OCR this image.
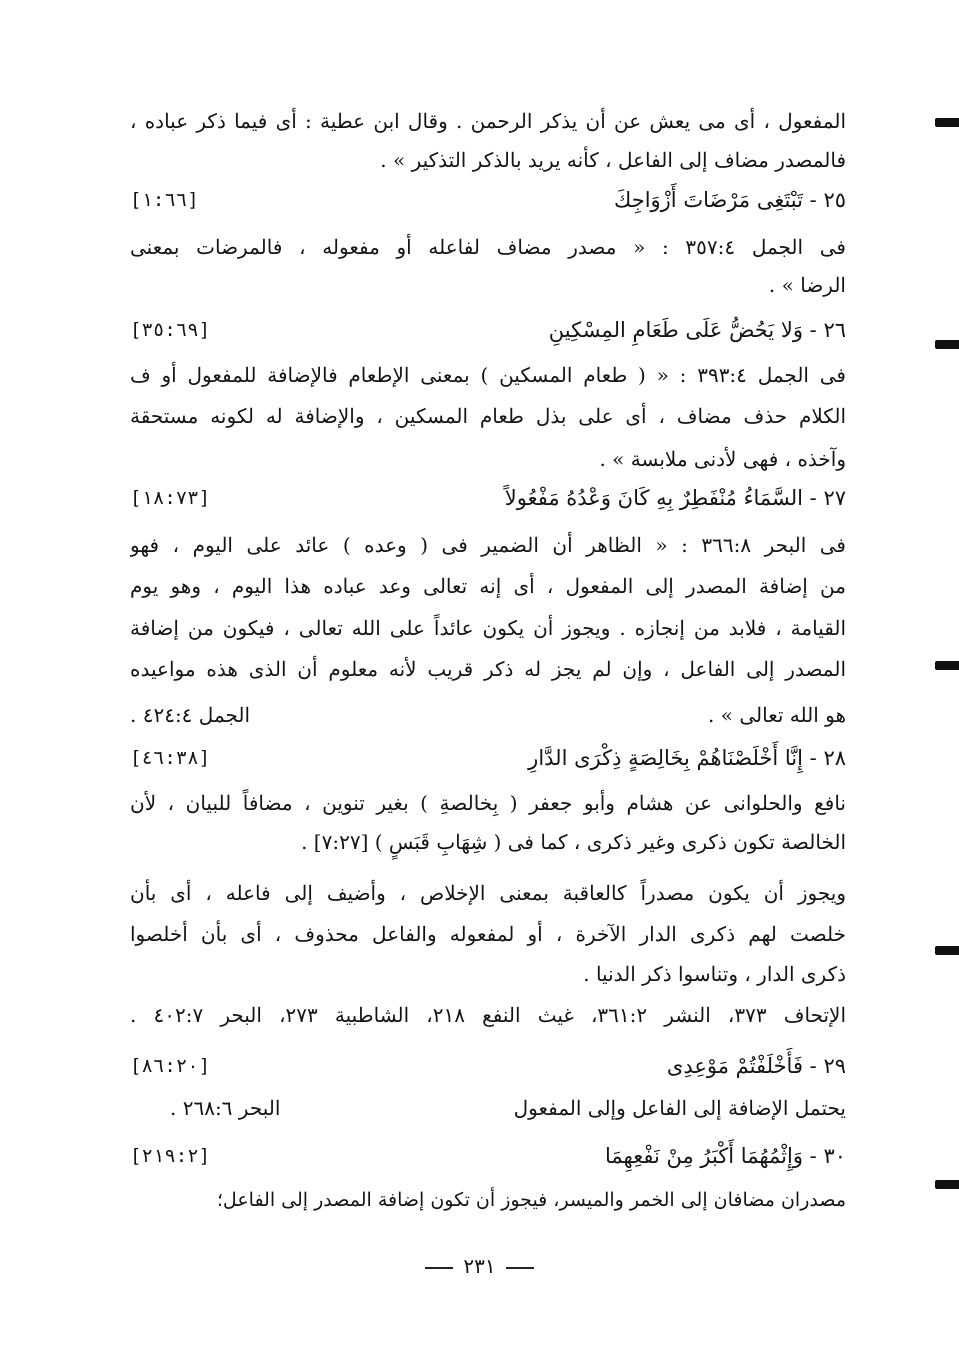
المفعول ، أى مى يعش عن أن يذكر الرحمن . وقال ابن عطية : أى فيما ذكر عباده ،
فالمصدر مضاف إلى الفاعل ، كأنه يريد بالذكر التذكير » .
٢٥ - تَبْتَغِى مَرْضَاتَ أَزْوَاجِكَ
[١:٦٦]
فى الجمل ٣٥٧:٤ : « مصدر مضاف لفاعله أو مفعوله ، فالمرضات بمعنى
الرضا » .
٢٦ - وَلا يَحُضُّ عَلَى طَعَامِ المِسْكِينِ
[٣٥:٦٩]
فى الجمل ٣٩٣:٤ : « ( طعام المسكين ) بمعنى الإطعام فالإضافة للمفعول أو ف
الكلام حذف مضاف ، أى على بذل طعام المسكين ، والإضافة له لكونه مستحقة
وآخذه ، فهى لأدنى ملابسة » .
٢٧ - السَّمَاءُ مُنْفَطِرٌ بِهِ كَانَ وَعْدُهُ مَفْعُولاً
[١٨:٧٣]
فى البحر ٣٦٦:٨ : « الظاهر أن الضمير فى ( وعده ) عائد على اليوم ، فهو
من إضافة المصدر إلى المفعول ، أى إنه تعالى وعد عباده هذا اليوم ، وهو يوم
القيامة ، فلابد من إنجازه . ويجوز أن يكون عائداً على الله تعالى ، فيكون من إضافة
المصدر إلى الفاعل ، وإن لم يجز له ذكر قريب لأنه معلوم أن الذى هذه مواعيده
هو الله تعالى » .
الجمل ٤٢٤:٤ .
٢٨ - إِنَّا أَخْلَصْنَاهُمْ بِخَالِصَةٍ ذِكْرَى الدَّارِ
[٤٦:٣٨]
نافع والحلوانى عن هشام وأبو جعفر ( بِخالصةِ ) بغير تنوين ، مضافاً للبيان ، لأن
الخالصة تكون ذكرى وغير ذكرى ، كما فى ( شِهَابِ قَبَسٍ ) [٧:٢٧] .
ويجوز أن يكون مصدراً كالعاقبة بمعنى الإخلاص ، وأضيف إلى فاعله ، أى بأن
خلصت لهم ذكرى الدار الآخرة ، أو لمفعوله والفاعل محذوف ، أى بأن أخلصوا
ذكرى الدار ، وتناسوا ذكر الدنيا .
الإتحاف ٣٧٣، النشر ٣٦١:٢، غيث النفع ٢١٨، الشاطبية ٢٧٣، البحر ٤٠٢:٧ .
٢٩ - فَأَخْلَفْتُمْ مَوْعِدِى
[٨٦:٢٠]
يحتمل الإضافة إلى الفاعل وإلى المفعول
البحر ٢٦٨:٦ .
٣٠ - وَإِثْمُهُمَا أَكْبَرُ مِنْ نَفْعِهِمَا
[٢١٩:٢]
مصدران مضافان إلى الخمر والميسر، فيجوز أن تكون إضافة المصدر إلى الفاعل؛
٢٣١
